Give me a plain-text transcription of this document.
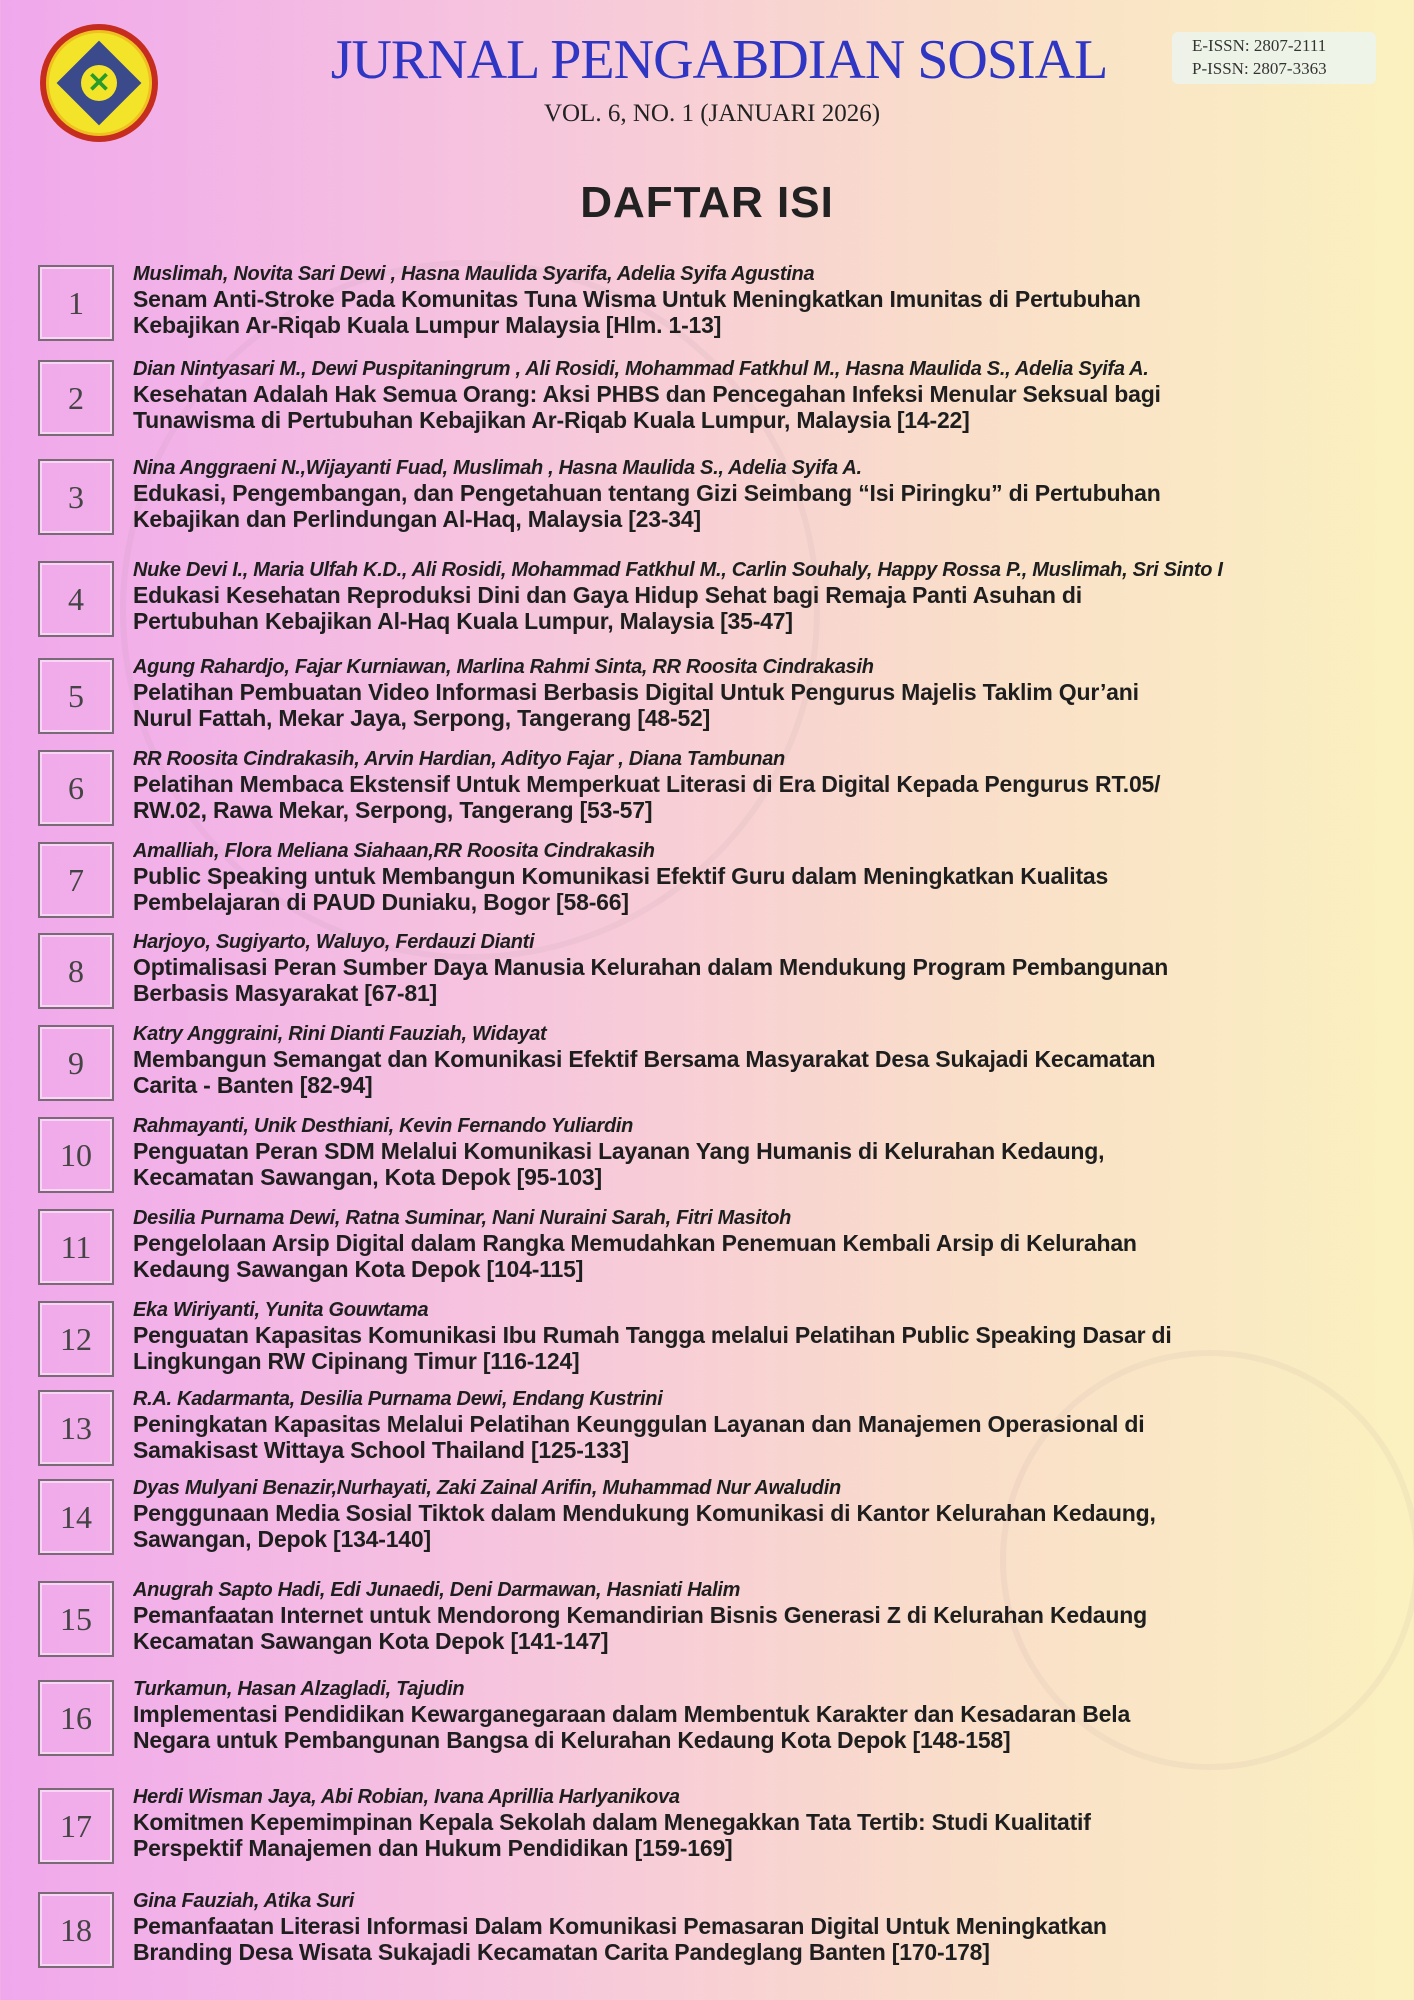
✕	JURNAL PENGABDIAN SOSIAL
VOL. 6, NO. 1 (JANUARI 2026)
E-ISSN: 2807-2111
P-ISSN: 2807-3363
DAFTAR ISI
1
Muslimah, Novita Sari Dewi , Hasna Maulida Syarifa, Adelia Syifa Agustina
Senam Anti-Stroke Pada Komunitas Tuna Wisma Untuk Meningkatkan Imunitas di Pertubuhan
Kebajikan Ar-Riqab Kuala Lumpur Malaysia [Hlm. 1-13]
2
Dian Nintyasari M., Dewi Puspitaningrum , Ali Rosidi, Mohammad Fatkhul M., Hasna Maulida S., Adelia Syifa A.
Kesehatan Adalah Hak Semua Orang: Aksi PHBS dan Pencegahan Infeksi Menular Seksual bagi
Tunawisma di Pertubuhan Kebajikan Ar-Riqab Kuala Lumpur, Malaysia [14-22]
3
Nina Anggraeni N.,Wijayanti Fuad, Muslimah , Hasna Maulida S., Adelia Syifa A.
Edukasi, Pengembangan, dan Pengetahuan tentang Gizi Seimbang “Isi Piringku” di Pertubuhan
Kebajikan dan Perlindungan Al-Haq, Malaysia [23-34]
4
Nuke Devi I., Maria Ulfah K.D., Ali Rosidi, Mohammad Fatkhul M., Carlin Souhaly, Happy Rossa P., Muslimah, Sri Sinto I
Edukasi Kesehatan Reproduksi Dini dan Gaya Hidup Sehat bagi Remaja Panti Asuhan di
Pertubuhan Kebajikan Al-Haq Kuala Lumpur, Malaysia [35-47]
5
Agung Rahardjo, Fajar Kurniawan, Marlina Rahmi Sinta, RR Roosita Cindrakasih
Pelatihan Pembuatan Video Informasi Berbasis Digital Untuk Pengurus Majelis Taklim Qur’ani
Nurul Fattah, Mekar Jaya, Serpong, Tangerang [48-52]
6
RR Roosita Cindrakasih, Arvin Hardian, Adityo Fajar , Diana Tambunan
Pelatihan Membaca Ekstensif Untuk Memperkuat Literasi di Era Digital Kepada Pengurus RT.05/
RW.02, Rawa Mekar, Serpong, Tangerang [53-57]
7
Amalliah, Flora Meliana Siahaan,RR Roosita Cindrakasih
Public Speaking untuk Membangun Komunikasi Efektif Guru dalam Meningkatkan Kualitas
Pembelajaran di PAUD Duniaku, Bogor [58-66]
8
Harjoyo, Sugiyarto, Waluyo, Ferdauzi Dianti
Optimalisasi Peran Sumber Daya Manusia Kelurahan dalam Mendukung Program Pembangunan
Berbasis Masyarakat [67-81]
9
Katry Anggraini, Rini Dianti Fauziah, Widayat
Membangun Semangat dan Komunikasi Efektif Bersama Masyarakat Desa Sukajadi Kecamatan
Carita - Banten [82-94]
10
Rahmayanti, Unik Desthiani, Kevin Fernando Yuliardin
Penguatan Peran SDM Melalui Komunikasi Layanan Yang Humanis di Kelurahan Kedaung,
Kecamatan Sawangan, Kota Depok [95-103]
11
Desilia Purnama Dewi, Ratna Suminar, Nani Nuraini Sarah, Fitri Masitoh
Pengelolaan Arsip Digital dalam Rangka Memudahkan Penemuan Kembali Arsip di Kelurahan
Kedaung Sawangan Kota Depok [104-115]
12
Eka Wiriyanti, Yunita Gouwtama
Penguatan Kapasitas Komunikasi Ibu Rumah Tangga melalui Pelatihan Public Speaking Dasar di
Lingkungan RW Cipinang Timur [116-124]
13
R.A. Kadarmanta, Desilia Purnama Dewi, Endang Kustrini
Peningkatan Kapasitas Melalui Pelatihan Keunggulan Layanan dan Manajemen Operasional di
Samakisast Wittaya School Thailand [125-133]
14
Dyas Mulyani Benazir,Nurhayati, Zaki Zainal Arifin, Muhammad Nur Awaludin
Penggunaan Media Sosial Tiktok dalam Mendukung Komunikasi di Kantor Kelurahan Kedaung,
Sawangan, Depok [134-140]
15
Anugrah Sapto Hadi, Edi Junaedi, Deni Darmawan, Hasniati Halim
Pemanfaatan Internet untuk Mendorong Kemandirian Bisnis Generasi Z di Kelurahan Kedaung
Kecamatan Sawangan Kota Depok [141-147]
16
Turkamun, Hasan Alzagladi, Tajudin
Implementasi Pendidikan Kewarganegaraan dalam Membentuk Karakter dan Kesadaran Bela
Negara untuk Pembangunan Bangsa di Kelurahan Kedaung Kota Depok [148-158]
17
Herdi Wisman Jaya, Abi Robian, Ivana Aprillia Harlyanikova
Komitmen Kepemimpinan Kepala Sekolah dalam Menegakkan Tata Tertib: Studi Kualitatif
Perspektif Manajemen dan Hukum Pendidikan [159-169]
18
Gina Fauziah, Atika Suri
Pemanfaatan Literasi Informasi Dalam Komunikasi Pemasaran Digital Untuk Meningkatkan
Branding Desa Wisata Sukajadi Kecamatan Carita Pandeglang Banten [170-178]
